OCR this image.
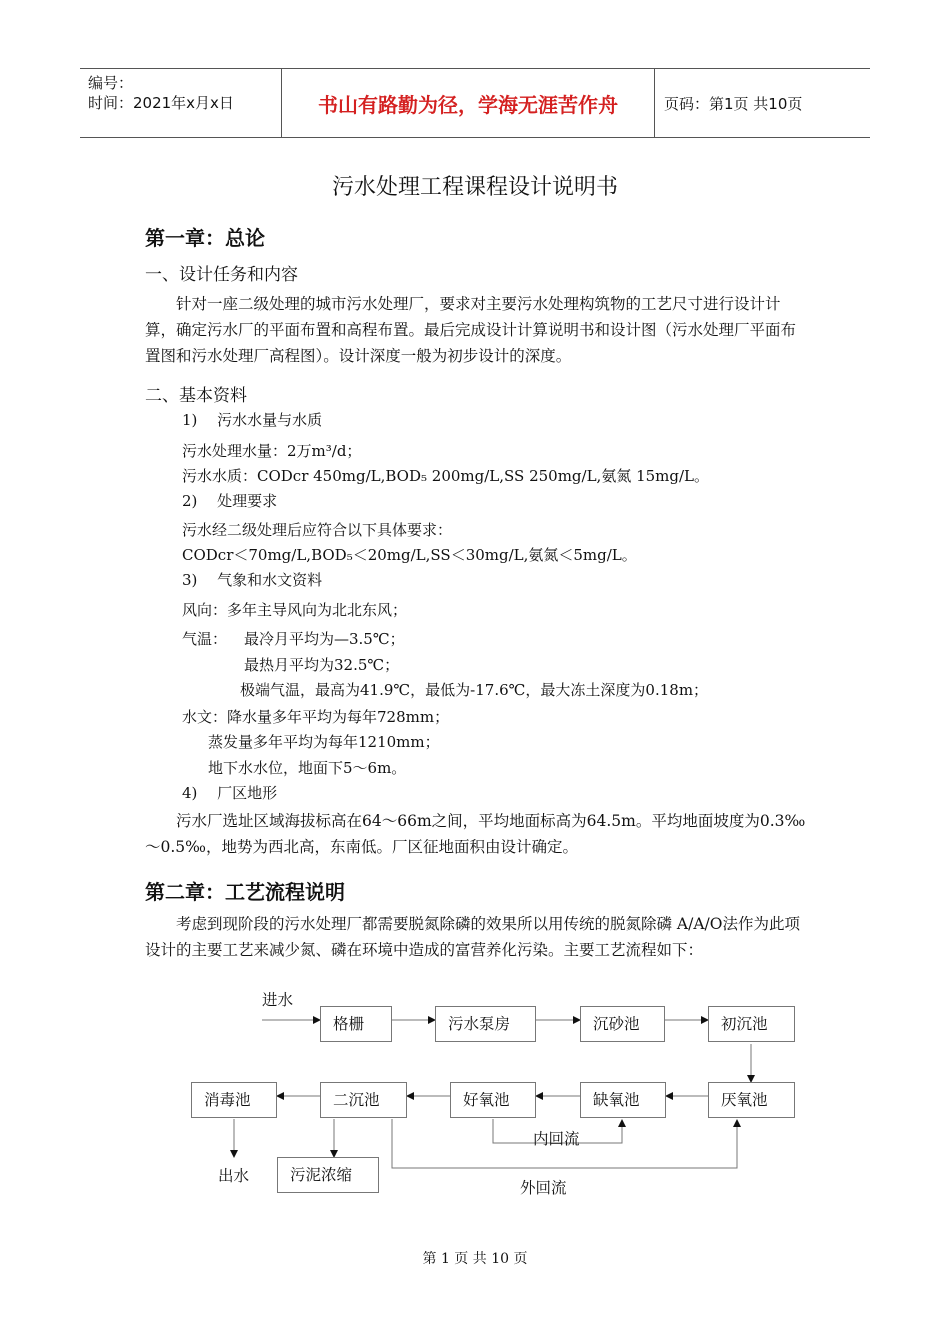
编号：
时间：2021年x月x日	书山有路勤为径，学海无涯苦作舟	页码：第1页 共10页
污水处理工程课程设计说明书
第一章：总论
一、设计任务和内容
针对一座二级处理的城市污水处理厂，要求对主要污水处理构筑物的工艺尺寸进行设计计算，确定污水厂的平面布置和高程布置。最后完成设计计算说明书和设计图（污水处理厂平面布置图和污水处理厂高程图）。设计深度一般为初步设计的深度。
二、基本资料
1)　 污水水量与水质
污水处理水量：2万m³/d；
污水水质：CODcr 450mg/L,BOD₅ 200mg/L,SS 250mg/L,氨氮 15mg/L。
2)　 处理要求
污水经二级处理后应符合以下具体要求：
CODcr＜70mg/L,BOD₅＜20mg/L,SS＜30mg/L,氨氮＜5mg/L。
3)　 气象和水文资料
风向：多年主导风向为北北东风；
气温： 最冷月平均为—3.5℃；
最热月平均为32.5℃；
极端气温，最高为41.9℃，最低为-17.6℃，最大冻土深度为0.18m；
水文：降水量多年平均为每年728mm；
蒸发量多年平均为每年1210mm；
地下水水位，地面下5～6m。
4)　 厂区地形
污水厂选址区域海拔标高在64～66m之间，平均地面标高为64.5m。平均地面坡度为0.3‰～0.5‰，地势为西北高，东南低。厂区征地面积由设计确定。
第二章：工艺流程说明
考虑到现阶段的污水处理厂都需要脱氮除磷的效果所以用传统的脱氮除磷 A/A/O法作为此项设计的主要工艺来减少氮、磷在环境中造成的富营养化污染。主要工艺流程如下：
进水
格栅	污水泵房	沉砂池	初沉池
厌氧池
缺氧池
好氧池
二沉池
消毒池
内回流
出水	污泥浓缩
外回流
第 1 页 共 10 页
